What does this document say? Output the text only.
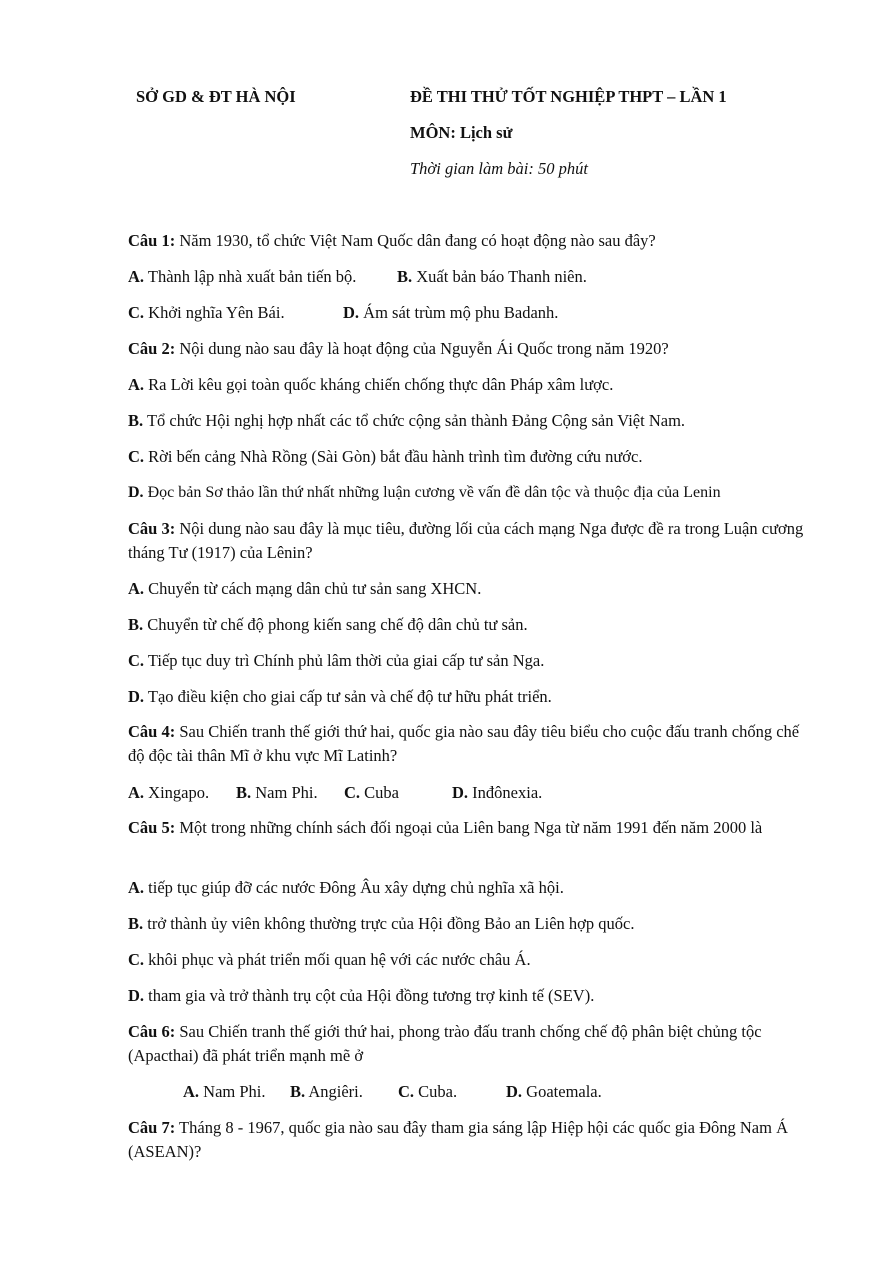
SỞ GD & ĐT HÀ NỘI	ĐỀ THI THỬ TỐT NGHIỆP THPT – LẦN 1
MÔN: Lịch sử
Thời gian làm bài: 50 phút
Câu 1: Năm 1930, tổ chức Việt Nam Quốc dân đang có hoạt động nào sau đây?
A. Thành lập nhà xuất bản tiến bộ. B. Xuất bản báo Thanh niên.
C. Khởi nghĩa Yên Bái.	D. Ám sát trùm mộ phu Badanh.
Câu 2: Nội dung nào sau đây là hoạt động của Nguyễn Ái Quốc trong năm 1920?
A. Ra Lời kêu gọi toàn quốc kháng chiến chống thực dân Pháp xâm lược.
B. Tổ chức Hội nghị hợp nhất các tổ chức cộng sản thành Đảng Cộng sản Việt Nam.
C. Rời bến cảng Nhà Rồng (Sài Gòn) bắt đầu hành trình tìm đường cứu nước.
D. Đọc bản Sơ thảo lần thứ nhất những luận cương về vấn đề dân tộc và thuộc địa của Lenin
Câu 3: Nội dung nào sau đây là mục tiêu, đường lối của cách mạng Nga được đề ra trong Luận cương tháng Tư (1917) của Lênin?
A. Chuyển từ cách mạng dân chủ tư sản sang XHCN.
B. Chuyển từ chế độ phong kiến sang chế độ dân chủ tư sản.
C. Tiếp tục duy trì Chính phủ lâm thời của giai cấp tư sản Nga.
D. Tạo điều kiện cho giai cấp tư sản và chế độ tư hữu phát triển.
Câu 4: Sau Chiến tranh thế giới thứ hai, quốc gia nào sau đây tiêu biểu cho cuộc đấu tranh chống chế độ độc tài thân Mĩ ở khu vực Mĩ Latinh?
A. Xingapo. B. Nam Phi. C. Cuba	D. Inđônexia.
Câu 5: Một trong những chính sách đối ngoại của Liên bang Nga từ năm 1991 đến năm 2000 là
A. tiếp tục giúp đỡ các nước Đông Âu xây dựng chủ nghĩa xã hội.
B. trở thành ủy viên không thường trực của Hội đồng Bảo an Liên hợp quốc.
C. khôi phục và phát triển mối quan hệ với các nước châu Á.
D. tham gia và trở thành trụ cột của Hội đồng tương trợ kinh tế (SEV).
Câu 6: Sau Chiến tranh thế giới thứ hai, phong trào đấu tranh chống chế độ phân biệt chủng tộc (Apacthai) đã phát triển mạnh mẽ ở
A. Nam Phi. B. Angiêri. C. Cuba.	D. Goatemala.
Câu 7: Tháng 8 - 1967, quốc gia nào sau đây tham gia sáng lập Hiệp hội các quốc gia Đông Nam Á (ASEAN)?
